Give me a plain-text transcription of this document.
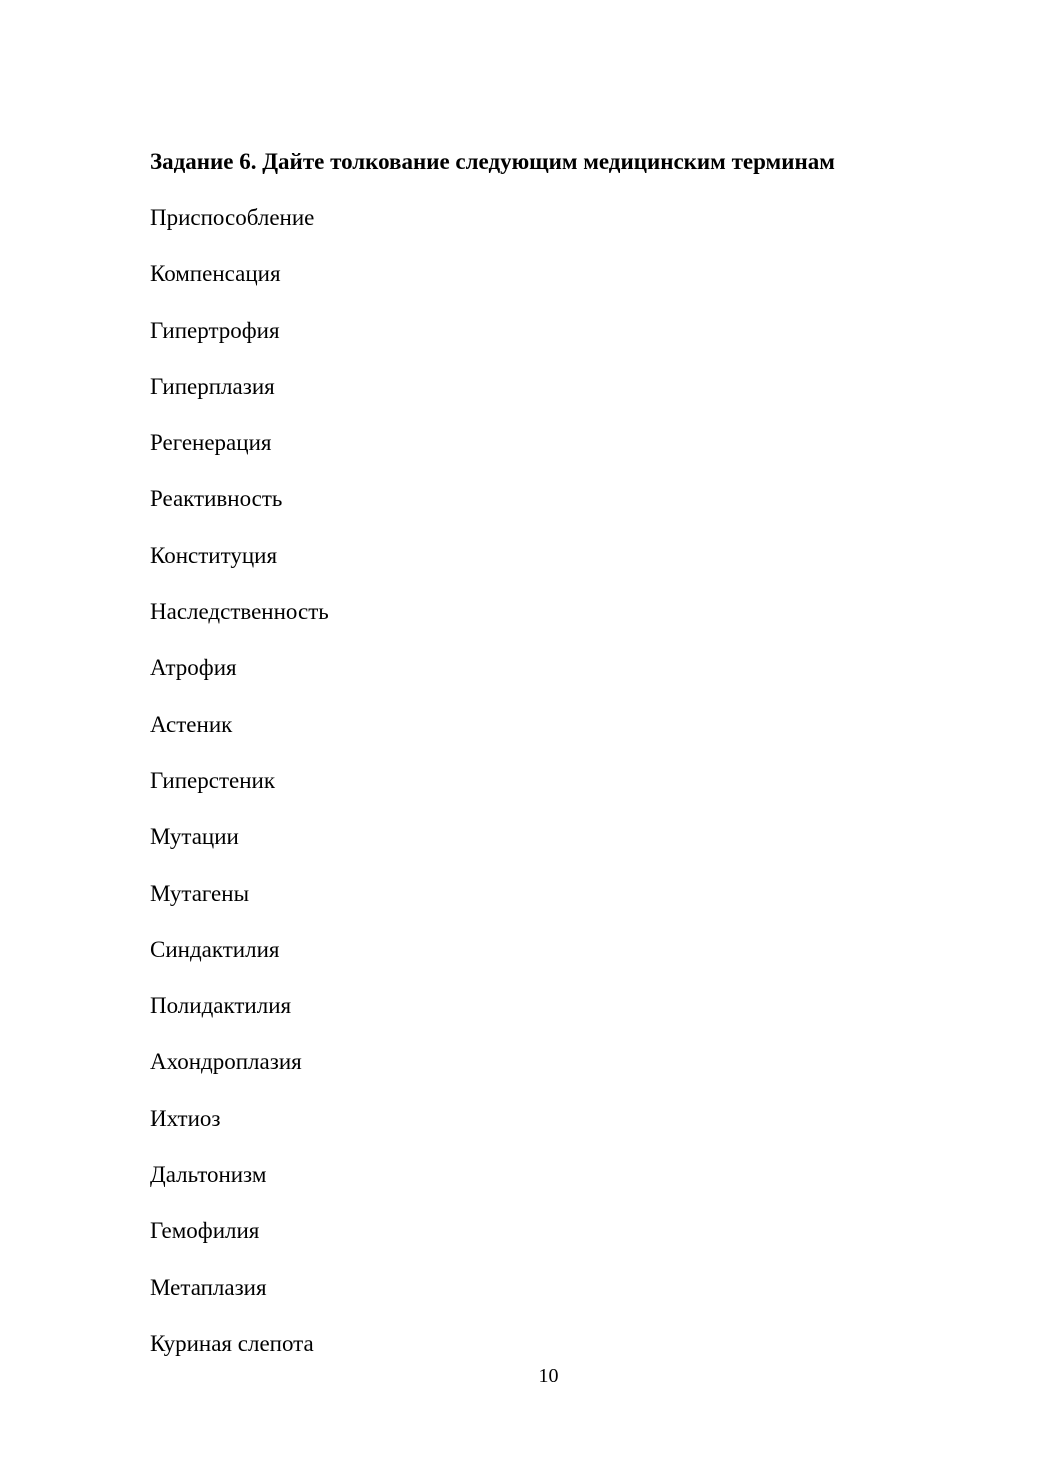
Задание 6. Дайте толкование следующим медицинским терминам
Приспособление
Компенсация
Гипертрофия
Гиперплазия
Регенерация
Реактивность
Конституция
Наследственность
Атрофия
Астеник
Гиперстеник
Мутации
Мутагены
Синдактилия
Полидактилия
Ахондроплазия
Ихтиоз
Дальтонизм
Гемофилия
Метаплазия
Куриная слепота
10
